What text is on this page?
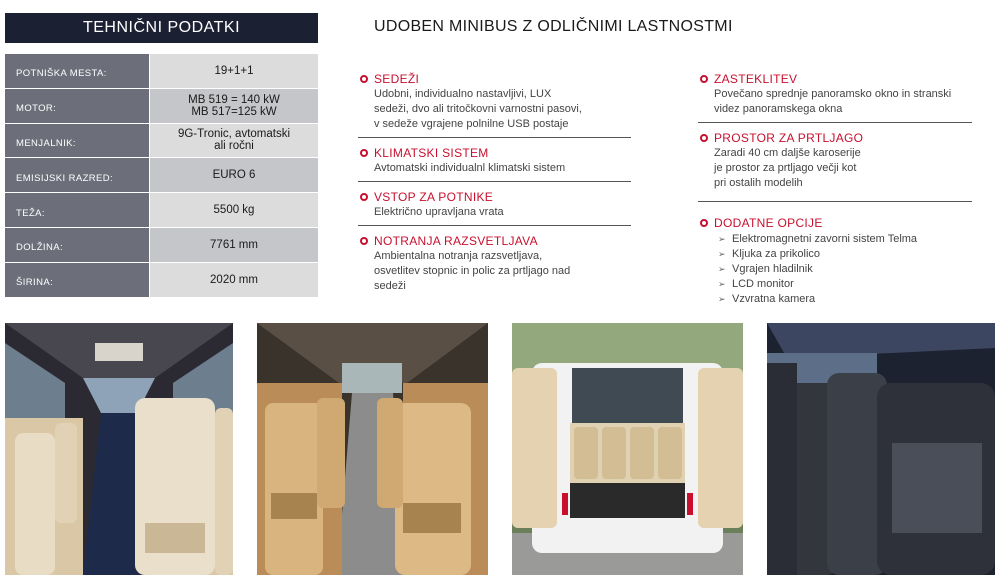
TEHNIČNI PODATKI
POTNIŠKA MESTA:	19+1+1
MOTOR:
MB 519 = 140 kW
MB 517=125 kW
MENJALNIK:
9G-Tronic, avtomatski
ali ročni
EMISIJSKI RAZRED:	EURO 6
TEŽA:	5500 kg
DOLŽINA:	7761 mm
ŠIRINA:	2020 mm
UDOBEN MINIBUS Z ODLIČNIMI LASTNOSTMI
SEDEŽI
Udobni, individualno nastavljivi, LUX
sedeži, dvo ali tritočkovni varnostni pasovi,
v sedeže vgrajene polnilne USB postaje
KLIMATSKI SISTEM
Avtomatski individualnl klimatski sistem
VSTOP ZA POTNIKE
Električno upravljana vrata
NOTRANJA RAZSVETLJAVA
Ambientalna notranja razsvetljava,
osvetlitev stopnic in polic za prtljago nad
sedeži
ZASTEKLITEV
Povečano sprednje panoramsko okno in stranski
videz panoramskega okna
PROSTOR ZA PRTLJAGO
Zaradi 40 cm daljše karoserije
je prostor za prtljago večji kot
pri ostalih modelih
DODATNE OPCIJE
➢ Elektromagnetni zavorni sistem Telma
➢ Kljuka za prikolico
➢ Vgrajen hladilnik
➢ LCD monitor
➢ Vzvratna kamera
